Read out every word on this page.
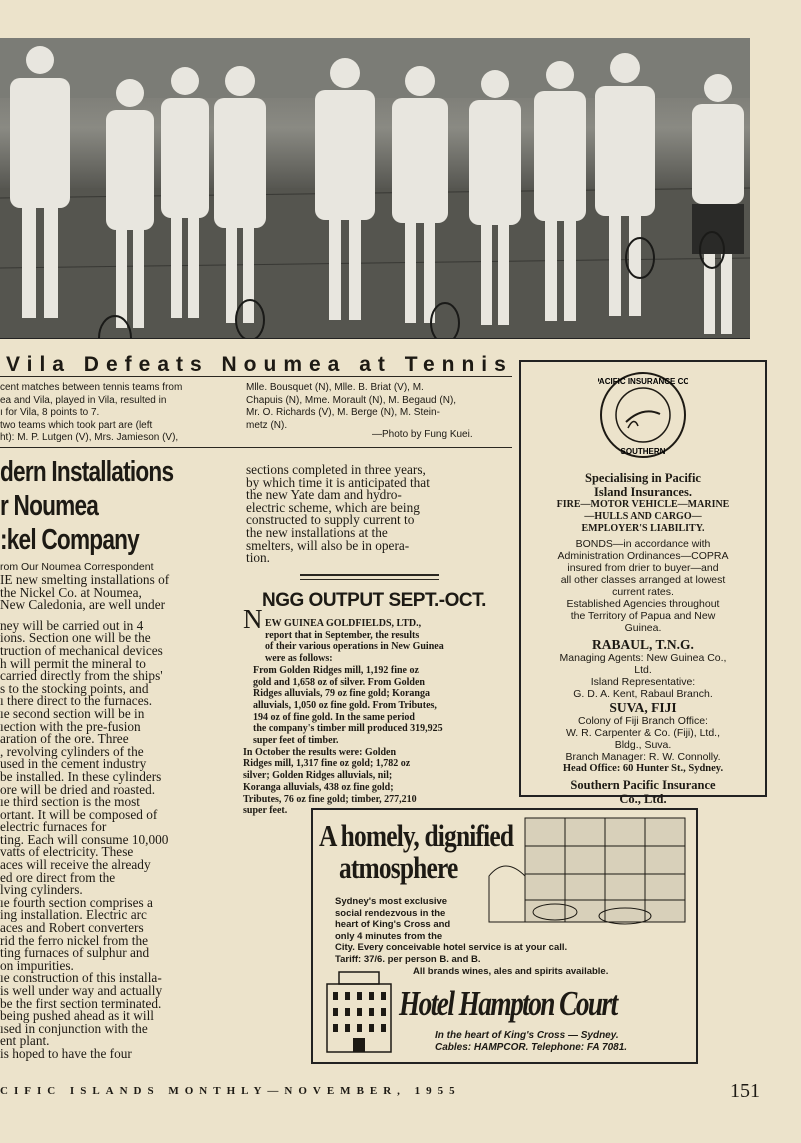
Vila Defeats Noumea at Tennis
cent matches between tennis teams from
ea and Vila, played in Vila, resulted in
ı for Vila, 8 points to 7.
two teams which took part are (left
ht): M. P. Lutgen (V), Mrs. Jamieson (V),
Mlle. Bousquet (N), Mlle. B. Briat (V), M.
Chapuis (N), Mme. Morault (N), M. Begaud (N),
Mr. O. Richards (V), M. Berge (N), M. Stein-
metz (N).
—Photo by Fung Kuei.
dern Installations
r Noumea
:kel Company
rom Our Noumea Correspondent
IE new smelting installations of
the Nickel Co. at Noumea,
New Caledonia, are well under
ney will be carried out in 4
ions. Section one will be the
truction of mechanical devices
h will permit the mineral to
carried directly from the ships'
s to the stocking points, and
ı there direct to the furnaces.
ıe second section will be in
ıection with the pre-fusion
aration of the ore. Three
, revolving cylinders of the
used in the cement industry
be installed. In these cylinders
ore will be dried and roasted.
ıe third section is the most
ortant. It will be composed of
electric furnaces for
ting. Each will consume 10,000
vatts of electricity. These
aces will receive the already
ed ore direct from the
lving cylinders.
ıe fourth section comprises a
ing installation. Electric arc
aces and Robert converters
rid the ferro nickel from the
ting furnaces of sulphur and
on impurities.
ıe construction of this installa-
is well under way and actually
be the first section terminated.
being pushed ahead as it will
ısed in conjunction with the
ent plant.
is hoped to have the four
sections completed in three years,
by which time it is anticipated that
the new Yate dam and hydro-
electric scheme, which are being
constructed to supply current to
the new installations at the
smelters, will also be in opera-
tion.
NGG OUTPUT SEPT.-OCT.
N EW GUINEA GOLDFIELDS, LTD.,
report that in September, the results
of their various operations in New Guinea
were as follows:
From Golden Ridges mill, 1,192 fine oz
gold and 1,658 oz of silver. From Golden
Ridges alluvials, 79 oz fine gold; Koranga
alluvials, 1,050 oz fine gold. From Tributes,
194 oz of fine gold. In the same period
the company's timber mill produced 319,925
super feet of timber.
In October the results were: Golden
Ridges mill, 1,317 fine oz gold; 1,782 oz
silver; Golden Ridges alluvials, nil;
Koranga alluvials, 438 oz fine gold;
Tributes, 76 oz fine gold; timber, 277,210
super feet.
PACIFIC INSURANCE CO.
SOUTHERN
Specialising in Pacific
Island Insurances.
FIRE—MOTOR VEHICLE—MARINE
—HULLS AND CARGO—
EMPLOYER'S LIABILITY.
BONDS—in accordance with
Administration Ordinances—COPRA
insured from drier to buyer—and
all other classes arranged at lowest
current rates.
Established Agencies throughout
the Territory of Papua and New
Guinea.
RABAUL, T.N.G.
Managing Agents: New Guinea Co.,
Ltd.
Island Representative:
G. D. A. Kent, Rabaul Branch.
SUVA, FIJI
Colony of Fiji Branch Office:
W. R. Carpenter & Co. (Fiji), Ltd.,
Bldg., Suva.
Branch Manager: R. W. Connolly.
Head Office: 60 Hunter St., Sydney.
Southern Pacific Insurance
Co., Ltd.
A homely, dignified
atmosphere
Sydney's most exclusive
social rendezvous in the
heart of King's Cross and
only 4 minutes from the
City. Every conceivable hotel service is at your call.
Tariff: 37/6. per person B. and B.
All brands wines, ales and spirits available.
Hotel Hampton Court
In the heart of King's Cross — Sydney.
Cables: HAMPCOR. Telephone: FA 7081.
CIFIC ISLANDS MONTHLY—NOVEMBER, 1955	151
